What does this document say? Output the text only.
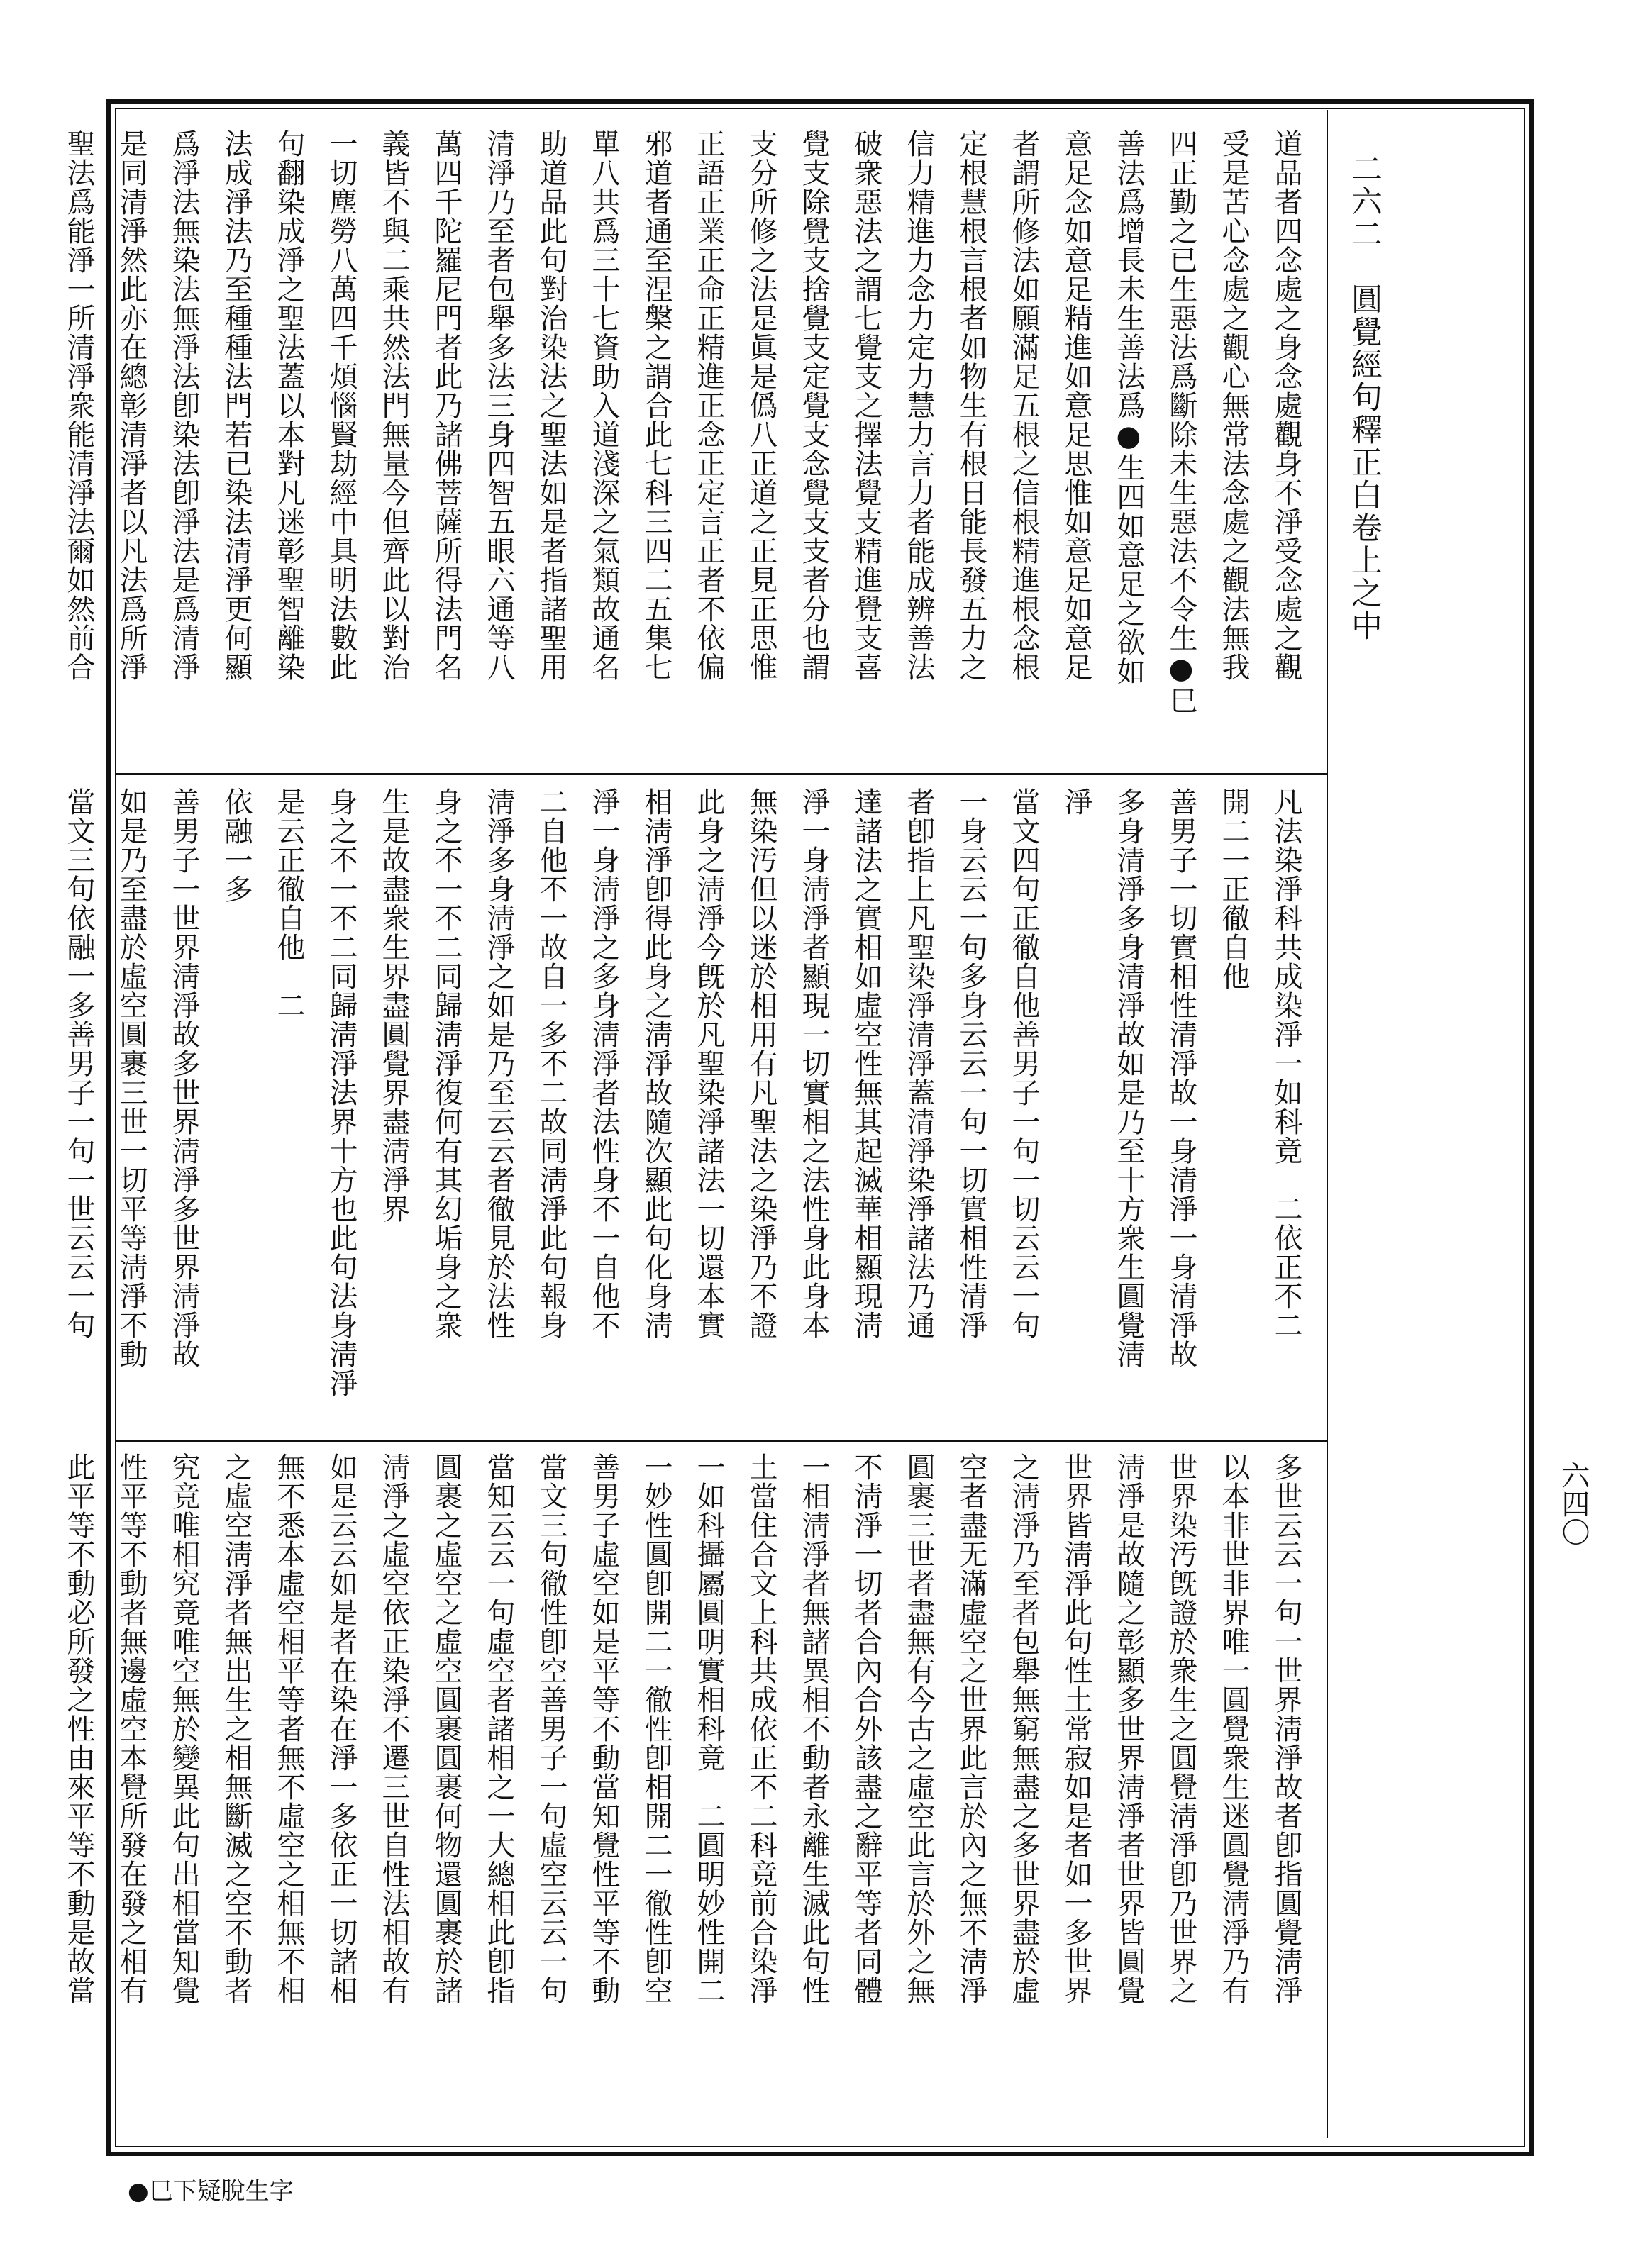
二六二　圓覺經句釋正白卷上之中
六四〇
道品者四念處之身念處觀身不淨受念處之觀
受是苦心念處之觀心無常法念處之觀法無我
四正勤之已生惡法爲斷除未生惡法不令生●巳
善法爲增長未生善法爲●生四如意足之欲如
意足念如意足精進如意足思惟如意足如意足
者謂所修法如願滿足五根之信根精進根念根
定根慧根言根者如物生有根日能長發五力之
信力精進力念力定力慧力言力者能成辨善法
破衆惡法之謂七覺支之擇法覺支精進覺支喜
覺支除覺支捨覺支定覺支念覺支支者分也謂
支分所修之法是眞是僞八正道之正見正思惟
正語正業正命正精進正念正定言正者不依偏
邪道者通至涅槃之謂合此七科三四二五集七
單八共爲三十七資助入道淺深之氣類故通名
助道品此句對治染法之聖法如是者指諸聖用
清淨乃至者包舉多法三身四智五眼六通等八
萬四千陀羅尼門者此乃諸佛菩薩所得法門名
義皆不與二乘共然法門無量今但齊此以對治
一切塵勞八萬四千煩惱賢劫經中具明法數此
句翻染成淨之聖法蓋以本對凡迷彰聖智離染
法成淨法乃至種種法門若已染法清淨更何顯
爲淨法無染法無淨法卽染法卽淨法是爲清淨
是同清淨然此亦在總彰清淨者以凡法爲所淨
聖法爲能淨一所清淨衆能清淨法爾如然前合
凡法染淨科共成染淨一如科竟　二依正不二
開二一正徹自他
善男子一切實相性清淨故一身清淨一身清淨故
多身清淨多身清淨故如是乃至十方衆生圓覺淸
淨
當文四句正徹自他善男子一句一切云云一句
一身云云一句多身云云一句一切實相性清淨
者卽指上凡聖染淨清淨蓋清淨染淨諸法乃通
達諸法之實相如虛空性無其起滅華相顯現淸
淨一身淸淨者顯現一切實相之法性身此身本
無染汚但以迷於相用有凡聖法之染淨乃不證
此身之淸淨今旣於凡聖染淨諸法一切還本實
相淸淨卽得此身之淸淨故隨次顯此句化身淸
淨一身淸淨之多身淸淨者法性身不一自他不
二自他不一故自一多不二故同淸淨此句報身
淸淨多身淸淨之如是乃至云云者徹見於法性
身之不一不二同歸淸淨復何有其幻垢身之衆
生是故盡衆生界盡圓覺界盡淸淨界
身之不一不二同歸淸淨法界十方也此句法身淸淨是云正徹自他　二
依融一多
善男子一世界淸淨故多世界淸淨多世界淸淨故
如是乃至盡於虛空圓裹三世一切平等淸淨不動
當文三句依融一多善男子一句一世云云一句
多世云云一句一世界淸淨故者卽指圓覺淸淨
以本非世非界唯一圓覺衆生迷圓覺淸淨乃有
世界染汚旣證於衆生之圓覺淸淨卽乃世界之
淸淨是故隨之彰顯多世界淸淨者世界皆圓覺
世界皆淸淨此句性土常寂如是者如一多世界
之淸淨乃至者包舉無窮無盡之多世界盡於虛
空者盡无滿虛空之世界此言於內之無不淸淨
圓裹三世者盡無有今古之虛空此言於外之無
不淸淨一切者合內合外該盡之辭平等者同體
一相淸淨者無諸異相不動者永離生滅此句性
土當住合文上科共成依正不二科竟前合染淨
一如科攝屬圓明實相科竟　二圓明妙性開二
一妙性圓卽開二一徹性卽相開二一徹性卽空
善男子虛空如是平等不動當知覺性平等不動
當文三句徹性卽空善男子一句虛空云云一句
當知云云一句虛空者諸相之一大總相此卽指
圓裹之虛空之虛空圓裹圓裹何物還圓裹於諸
淸淨之虛空依正染淨不遷三世自性法相故有
如是云云如是者在染在淨一多依正一切諸相
無不悉本虛空相平等者無不虛空之相無不相
之虛空淸淨者無出生之相無斷滅之空不動者
究竟唯相究竟唯空無於變異此句出相當知覺
性平等不動者無邊虛空本覺所發在發之相有
此平等不動必所發之性由來平等不動是故當
●巳下疑脫生字
